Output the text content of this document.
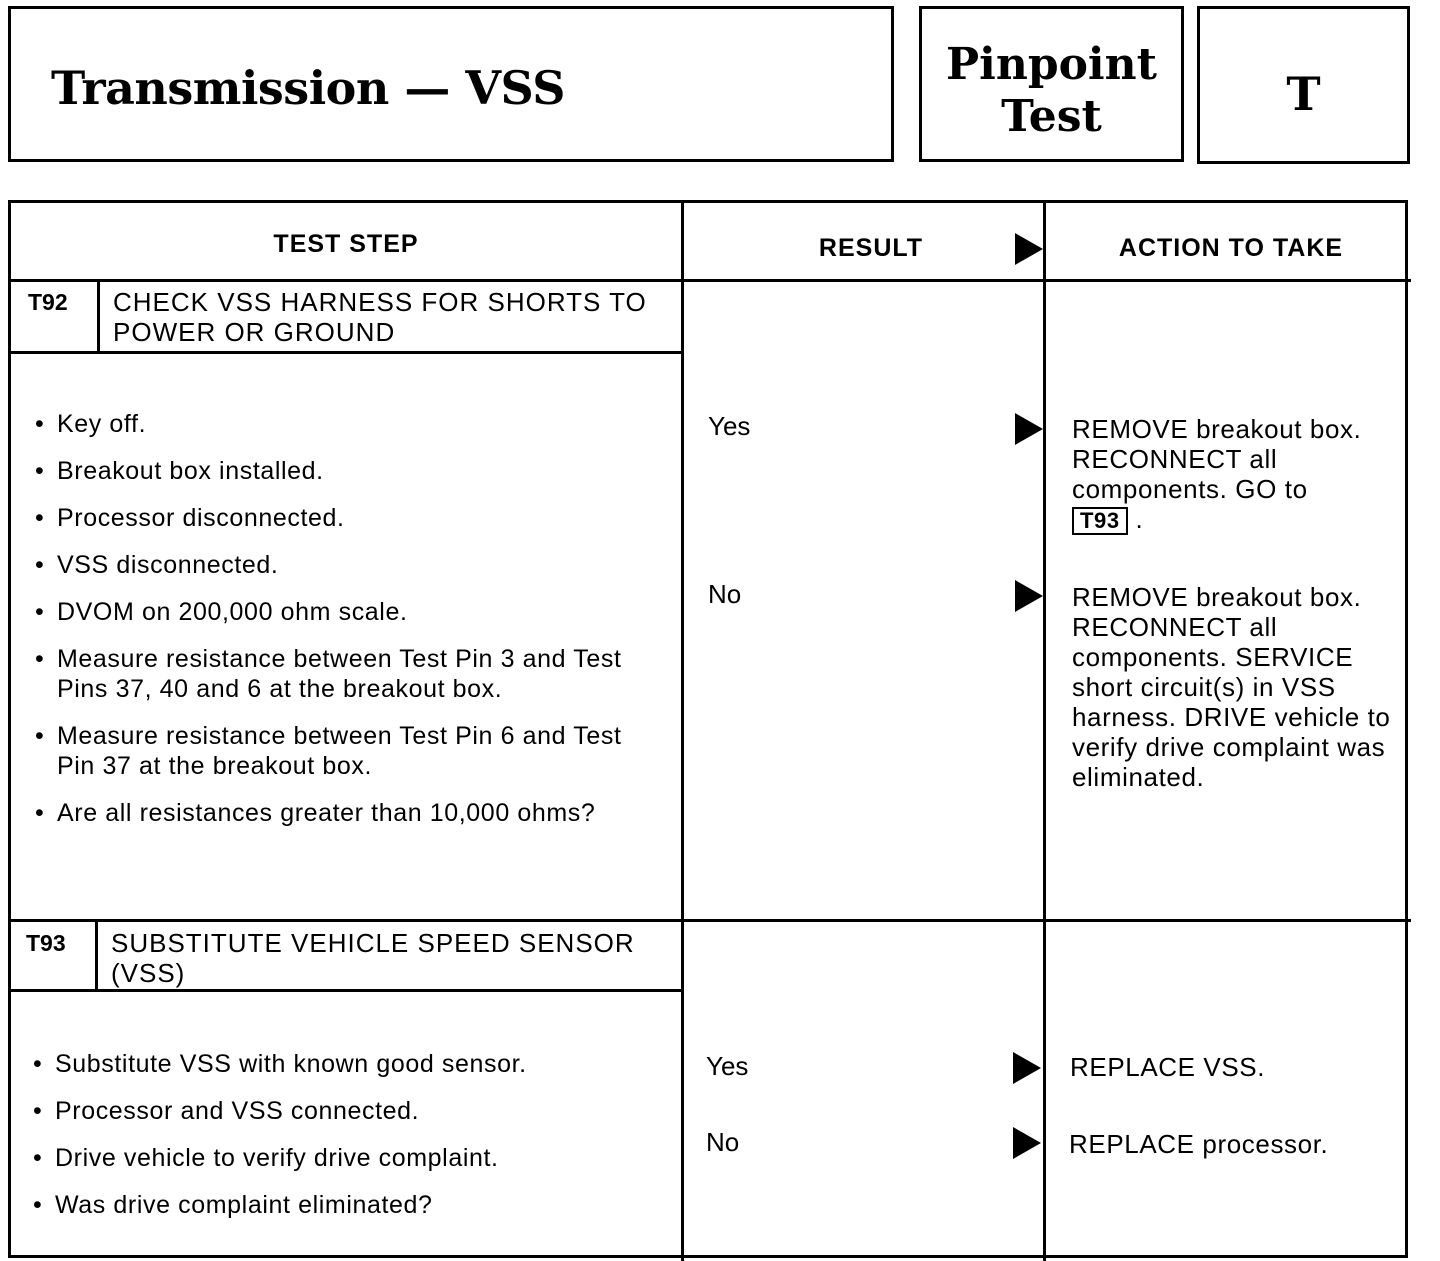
Transmission — VSS	Pinpoint
Test	T
TEST STEP	RESULT	ACTION TO TAKE
T92 CHECK VSS HARNESS FOR SHORTS TO POWER OR GROUND
• Key off.
• Breakout box installed.
• Processor disconnected.
• VSS disconnected.
• DVOM on 200,000 ohm scale.
• Measure resistance between Test Pin 3 and Test Pins 37, 40 and 6 at the breakout box.
• Measure resistance between Test Pin 6 and Test Pin 37 at the breakout box.
• Are all resistances greater than 10,000 ohms?
Yes	REMOVE breakout box. RECONNECT all components. GO to
T93 .
No	REMOVE breakout box. RECONNECT all components. SERVICE short circuit(s) in VSS harness. DRIVE vehicle to verify drive complaint was eliminated.
T93 SUBSTITUTE VEHICLE SPEED SENSOR (VSS)
• Substitute VSS with known good sensor.
• Processor and VSS connected.
• Drive vehicle to verify drive complaint.
• Was drive complaint eliminated?
Yes	REPLACE VSS.
No	REPLACE processor.
